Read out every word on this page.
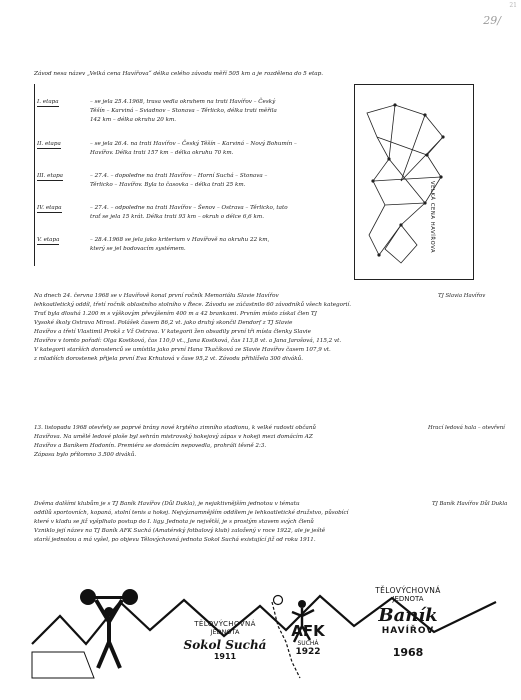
21
29/
Závod nesa název „Velká cena Havířova“ délka celého závodu měří 505 km a je rozdělena do 5 etap.
I. etapa	– se jela 25.4.1968, trasa vedla okruhem na trati Havířov – Český
Těšín – Karviná – Sviadnov – Stonava – Těrlicko, délka trati měřila
142 km – délka okruhu 20 km.
II. etapa	– se jela 26.4. na trati Havířov – Český Těšín – Karviná – Nový Bohumín –
Havířov. Délka trati 157 km – délka okruhu 70 km.
III. etapa	– 27.4. – dopoledne na trati Havířov – Horní Suchá – Stonava –
Těrlicko – Havířov. Byla to časovka – délka trati 25 km.
IV. etapa	– 27.4. – odpoledne na trati Havířov – Šenov – Ostrava – Těrlicko, tato
trať se jela 15 krát. Délka trati 93 km – okruh o délce 6,6 km.
V. etapa	– 28.4.1968 se jela jako kriterium v Havířově na okruhu 22 km,
který se jel bodovacím systémem.	VELKÁ CENA HAVÍŘOVA
Na dnech 24. června 1968 se v Havířově konal první ročník Memoriálu Slavie Havířov
lehkoatletický oddíl, třetí ročník oblastního stolního v Řece. Závodu se zúčastnilo 60 závodníků všech kategorií.
Trať byla dlouhá 1.200 m s výškovým převýšením 400 m a 42 brankami. Prvním místo získal člen TJ
Vysoké školy Ostrava Mirosl. Polášek časem 86,2 vt. jako druhý skončil Dendorf z TJ Slavie
Havířov a třetí Vlastimil Prokš z Vž Ostrava. V kategorii žen obsadily první tři místa členky Slavie
Havířov v tomto pořadí: Olga Kostková, čas 110,0 vt., Jana Kostková, čas 113,8 vt. a Jana Jarošová, 115,2 vt.
V kategorii starších dorostenců se umístila jako první Hana Tkačíková ze Slavie Havířov časem 107,9 vt.
z mladších dorostenek přijela první Eva Krhutová v čase 95,2 vt. Závodu přihlížela 300 diváků.
TJ Slavia Havířov
13. listopadu 1968 otevřely se poprvé brány nové krytého zimního stadionu, k velké radosti občanů
Havířova. Na umělé ledové ploše byl sehrán mistrovský hokejový zápas v hokeji mezi domácím AZ
Havířov a Baníkem Hodonín. Premiéra se domácím nepovedla, prohráli těsně 2:3.
Zápasu bylo přítomno 3.500 diváků.
Hrací ledová hala – otevření
Dvěma dalšími klubům je s TJ Baník Havířov (Důl Dukla), je nejaktivnějším jednotou v tématu
oddílů sportovních, kopaná, stolní tenis a hokej. Nejvýznamnějším oddílem je lehkoatletické družstvo, působící
které v kladu se již vyšplhalo postup do I. ligy. Jednota je největší, je s prostým stavem svých členů
Vzniklo její název na TJ Baník AFK Suchá (Amatérský fotbalový klub) založený v roce 1922, ale je ještě
starší jednotou a má vyšel, po objevu Tělovýchovná jednota Sokol Suchá existující již od roku 1911.
TJ Baník Havířov Důl Dukla
TĚLOVÝCHOVNÁ
JEDNOTA
Sokol Suchá
1911
AFK
SUCHÁ
1922
TĚLOVÝCHOVNÁ
JEDNOTA
Baník
HAVÍŘOV
1968
